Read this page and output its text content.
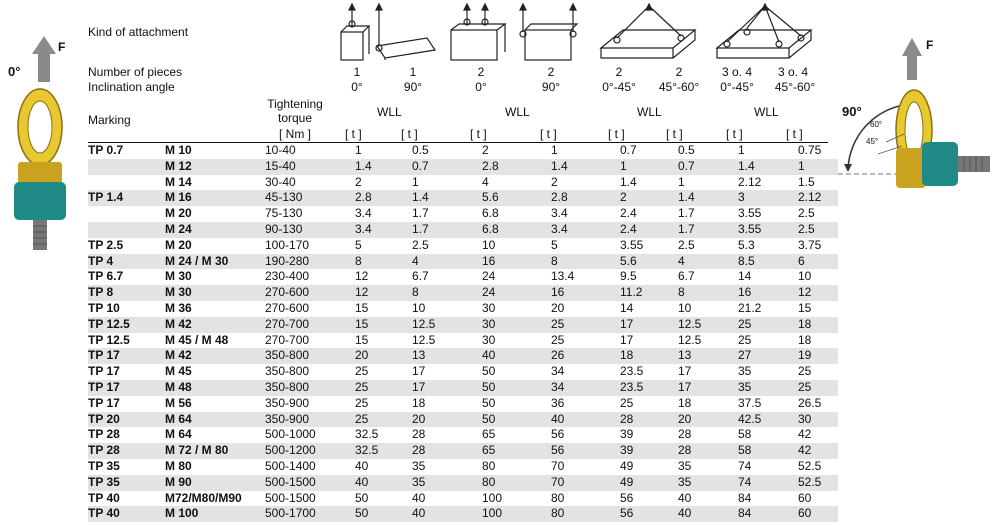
0°
F
90°
F
60°
45°
Kind of attachment
Number of pieces
Inclination angle
Marking
Tightening torque
[ Nm ]
1	1	2	2	2	2	3 o. 4	3 o. 4
0°	90°	0°	90°	0°-45°	45°-60°	0°-45°	45°-60°
WLL	WLL	WLL	WLL
[ t ]	[ t ]	[ t ]	[ t ]	[ t ]	[ t ]	[ t ]	[ t ]
TP 0.7	M 10	10-40	1	0.5	2	1	0.7	0.5	1	0.75
	M 12	15-40	1.4	0.7	2.8	1.4	1	0.7	1.4	1
	M 14	30-40	2	1	4	2	1.4	1	2.12	1.5
TP 1.4	M 16	45-130	2.8	1.4	5.6	2.8	2	1.4	3	2.12
	M 20	75-130	3.4	1.7	6.8	3.4	2.4	1.7	3.55	2.5
	M 24	90-130	3.4	1.7	6.8	3.4	2.4	1.7	3.55	2.5
TP 2.5	M 20	100-170	5	2.5	10	5	3.55	2.5	5.3	3.75
TP 4	M 24 / M 30	190-280	8	4	16	8	5.6	4	8.5	6
TP 6.7	M 30	230-400	12	6.7	24	13.4	9.5	6.7	14	10
TP 8	M 30	270-600	12	8	24	16	11.2	8	16	12
TP 10	M 36	270-600	15	10	30	20	14	10	21.2	15
TP 12.5	M 42	270-700	15	12.5	30	25	17	12.5	25	18
TP 12.5	M 45 / M 48	270-700	15	12.5	30	25	17	12.5	25	18
TP 17	M 42	350-800	20	13	40	26	18	13	27	19
TP 17	M 45	350-800	25	17	50	34	23.5	17	35	25
TP 17	M 48	350-800	25	17	50	34	23.5	17	35	25
TP 17	M 56	350-900	25	18	50	36	25	18	37.5	26.5
TP 20	M 64	350-900	25	20	50	40	28	20	42.5	30
TP 28	M 64	500-1000	32.5	28	65	56	39	28	58	42
TP 28	M 72 / M 80	500-1200	32.5	28	65	56	39	28	58	42
TP 35	M 80	500-1400	40	35	80	70	49	35	74	52.5
TP 35	M 90	500-1500	40	35	80	70	49	35	74	52.5
TP 40	M72/M80/M90	500-1500	50	40	100	80	56	40	84	60
TP 40	M 100	500-1700	50	40	100	80	56	40	84	60
